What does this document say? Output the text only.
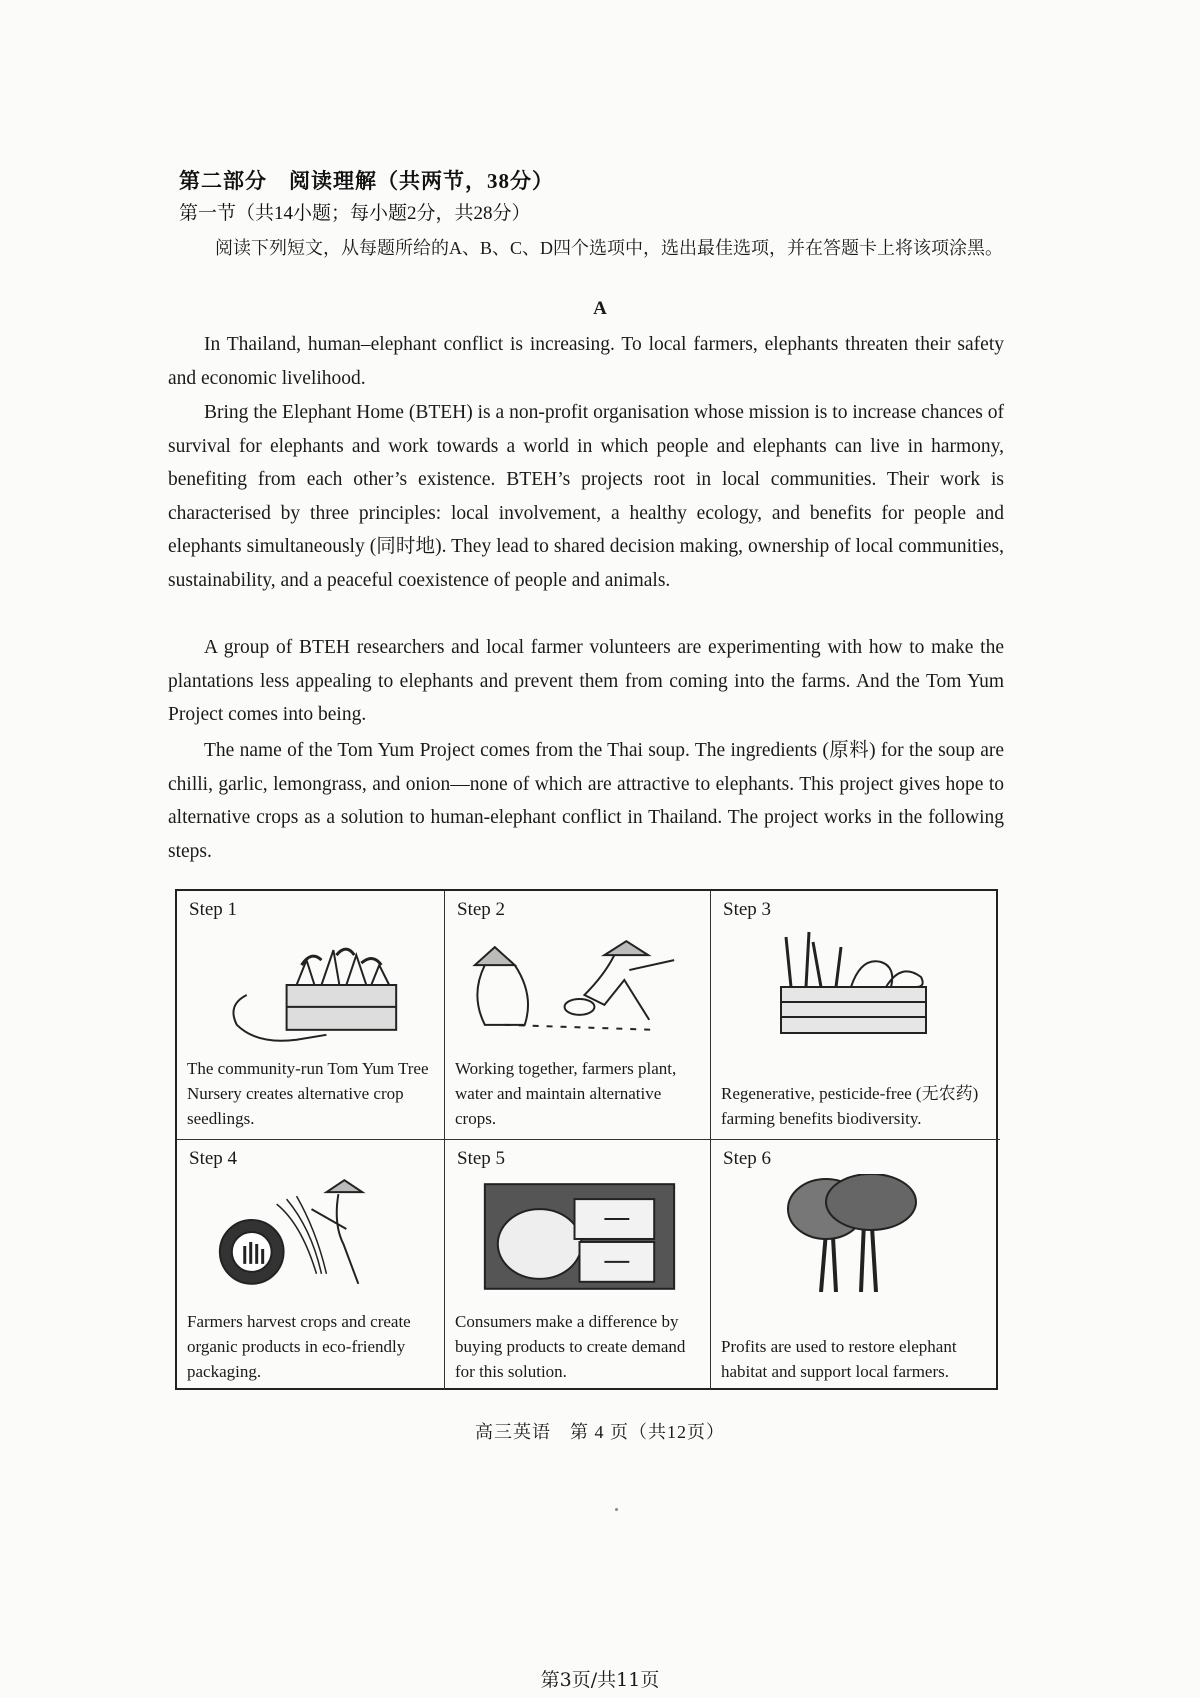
第二部分　阅读理解（共两节，38分）
第一节（共14小题；每小题2分，共28分）
阅读下列短文，从每题所给的A、B、C、D四个选项中，选出最佳选项，并在答题卡上将该项涂黑。
A
In Thailand, human–elephant conflict is increasing. To local farmers, elephants threaten their safety and economic livelihood.
Bring the Elephant Home (BTEH) is a non-profit organisation whose mission is to increase chances of survival for elephants and work towards a world in which people and elephants can live in harmony, benefiting from each other’s existence. BTEH’s projects root in local communities. Their work is characterised by three principles: local involvement, a healthy ecology, and benefits for people and elephants simultaneously (同时地). They lead to shared decision making, ownership of local communities, sustainability, and a peaceful coexistence of people and animals.
A group of BTEH researchers and local farmer volunteers are experimenting with how to make the plantations less appealing to elephants and prevent them from coming into the farms. And the Tom Yum Project comes into being.
The name of the Tom Yum Project comes from the Thai soup. The ingredients (原料) for the soup are chilli, garlic, lemongrass, and onion—none of which are attractive to elephants. This project gives hope to alternative crops as a solution to human-elephant conflict in Thailand. The project works in the following steps.
Step 1
The community-run Tom Yum Tree Nursery creates alternative crop seedlings.
Step 2
Working together, farmers plant, water and maintain alternative crops.
Step 3
Regenerative, pesticide-free (无农药) farming benefits biodiversity.
Step 4
Farmers harvest crops and create organic products in eco-friendly packaging.
Step 5
Consumers make a difference by buying products to create demand for this solution.
Step 6
Profits are used to restore elephant habitat and support local farmers.
高三英语　第 4 页（共12页）
第3页/共11页
